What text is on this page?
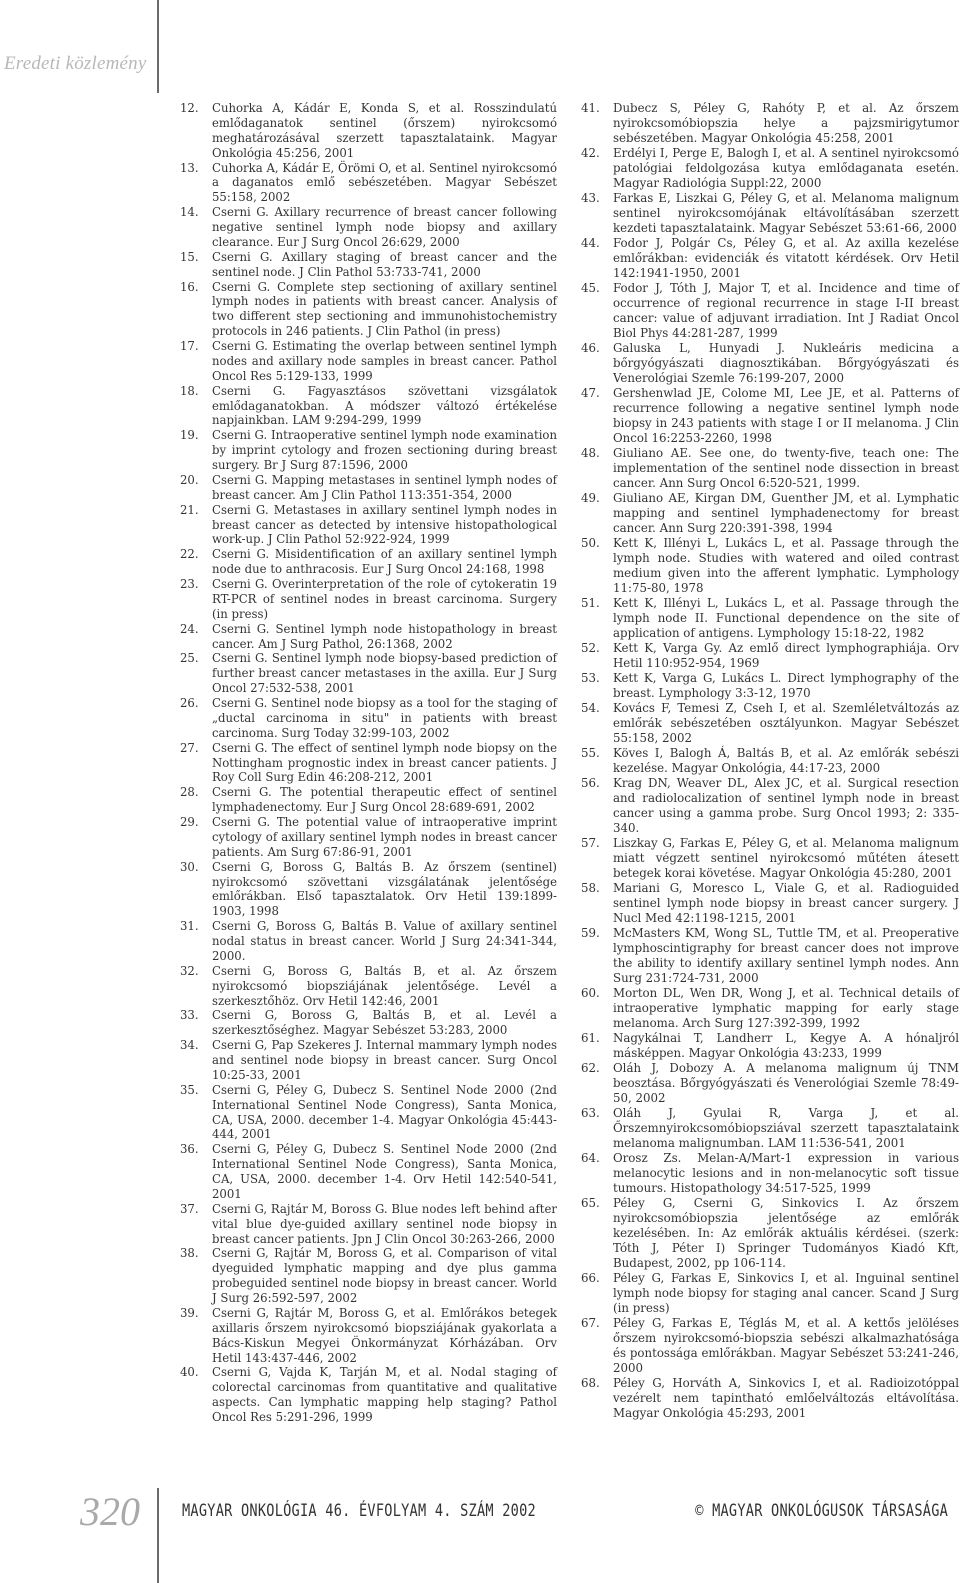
Eredeti közlemény
12.	Cuhorka A, Kádár E, Konda S, et al. Rosszindulatú emlődaganatok sentinel (őrszem) nyirokcsomó meghatározásával szerzett tapasztalataink. Magyar Onkológia 45:256, 2001
13.	Cuhorka A, Kádár E, Örömi O, et al. Sentinel nyirokcsomó a daganatos emlő sebészetében. Magyar Sebészet 55:158, 2002
14.	Cserni G. Axillary recurrence of breast cancer following negative sentinel lymph node biopsy and axillary clearance. Eur J Surg Oncol 26:629, 2000
15.	Cserni G. Axillary staging of breast cancer and the sentinel node. J Clin Pathol 53:733-741, 2000
16.	Cserni G. Complete step sectioning of axillary sentinel lymph nodes in patients with breast cancer. Analysis of two different step sectioning and immunohistochemistry protocols in 246 patients. J Clin Pathol (in press)
17.	Cserni G. Estimating the overlap between sentinel lymph nodes and axillary node samples in breast cancer. Pathol Oncol Res 5:129-133, 1999
18.	Cserni G. Fagyasztásos szövettani vizsgálatok emlődaganatokban. A módszer változó értékelése napjainkban. LAM 9:294-299, 1999
19.	Cserni G. Intraoperative sentinel lymph node examination by imprint cytology and frozen sectioning during breast surgery. Br J Surg 87:1596, 2000
20.	Cserni G. Mapping metastases in sentinel lymph nodes of breast cancer. Am J Clin Pathol 113:351-354, 2000
21.	Cserni G. Metastases in axillary sentinel lymph nodes in breast cancer as detected by intensive histopathological work-up. J Clin Pathol 52:922-924, 1999
22.	Cserni G. Misidentification of an axillary sentinel lymph node due to anthracosis. Eur J Surg Oncol 24:168, 1998
23.	Cserni G. Overinterpretation of the role of cytokeratin 19 RT-PCR of sentinel nodes in breast carcinoma. Surgery (in press)
24.	Cserni G. Sentinel lymph node histopathology in breast cancer. Am J Surg Pathol, 26:1368, 2002
25.	Cserni G. Sentinel lymph node biopsy-based prediction of further breast cancer metastases in the axilla. Eur J Surg Oncol 27:532-538, 2001
26.	Cserni G. Sentinel node biopsy as a tool for the staging of „ductal carcinoma in situ" in patients with breast carcinoma. Surg Today 32:99-103, 2002
27.	Cserni G. The effect of sentinel lymph node biopsy on the Nottingham prognostic index in breast cancer patients. J Roy Coll Surg Edin 46:208-212, 2001
28.	Cserni G. The potential therapeutic effect of sentinel lymphadenectomy. Eur J Surg Oncol 28:689-691, 2002
29.	Cserni G. The potential value of intraoperative imprint cytology of axillary sentinel lymph nodes in breast cancer patients. Am Surg 67:86-91, 2001
30.	Cserni G, Boross G, Baltás B. Az őrszem (sentinel) nyirokcsomó szövettani vizsgálatának jelentősége emlőrákban. Első tapasztalatok. Orv Hetil 139:1899-1903, 1998
31.	Cserni G, Boross G, Baltás B. Value of axillary sentinel nodal status in breast cancer. World J Surg 24:341-344, 2000.
32.	Cserni G, Boross G, Baltás B, et al. Az őrszem nyirokcsomó biopsziájának jelentősége. Levél a szerkesztőhöz. Orv Hetil 142:46, 2001
33.	Cserni G, Boross G, Baltás B, et al. Levél a szerkesztőséghez. Magyar Sebészet 53:283, 2000
34.	Cserni G, Pap Szekeres J. Internal mammary lymph nodes and sentinel node biopsy in breast cancer. Surg Oncol 10:25-33, 2001
35.	Cserni G, Péley G, Dubecz S. Sentinel Node 2000 (2nd International Sentinel Node Congress), Santa Monica, CA, USA, 2000. december 1-4. Magyar Onkológia 45:443-444, 2001
36.	Cserni G, Péley G, Dubecz S. Sentinel Node 2000 (2nd International Sentinel Node Congress), Santa Monica, CA, USA, 2000. december 1-4. Orv Hetil 142:540-541, 2001
37.	Cserni G, Rajtár M, Boross G. Blue nodes left behind after vital blue dye-guided axillary sentinel node biopsy in breast cancer patients. Jpn J Clin Oncol 30:263-266, 2000
38.	Cserni G, Rajtár M, Boross G, et al. Comparison of vital dyeguided lymphatic mapping and dye plus gamma probeguided sentinel node biopsy in breast cancer. World J Surg 26:592-597, 2002
39.	Cserni G, Rajtár M, Boross G, et al. Emlőrákos betegek axillaris őrszem nyirokcsomó biopsziájának gyakorlata a Bács-Kiskun Megyei Önkormányzat Kórházában. Orv Hetil 143:437-446, 2002
40.	Cserni G, Vajda K, Tarján M, et al. Nodal staging of colorectal carcinomas from quantitative and qualitative aspects. Can lymphatic mapping help staging? Pathol Oncol Res 5:291-296, 1999
41.	Dubecz S, Péley G, Rahóty P, et al. Az őrszem nyirokcsomóbiopszia helye a pajzsmirigytumor sebészetében. Magyar Onkológia 45:258, 2001
42.	Erdélyi I, Perge E, Balogh I, et al. A sentinel nyirokcsomó patológiai feldolgozása kutya emlődaganata esetén. Magyar Radiológia Suppl:22, 2000
43.	Farkas E, Liszkai G, Péley G, et al. Melanoma malignum sentinel nyirokcsomójának eltávolításában szerzett kezdeti tapasztalataink. Magyar Sebészet 53:61-66, 2000
44.	Fodor J, Polgár Cs, Péley G, et al. Az axilla kezelése emlőrákban: evidenciák és vitatott kérdések. Orv Hetil 142:1941-1950, 2001
45.	Fodor J, Tóth J, Major T, et al. Incidence and time of occurrence of regional recurrence in stage I-II breast cancer: value of adjuvant irradiation. Int J Radiat Oncol Biol Phys 44:281-287, 1999
46.	Galuska L, Hunyadi J. Nukleáris medicina a bőrgyógyászati diagnosztikában. Bőrgyógyászati és Venerológiai Szemle 76:199-207, 2000
47.	Gershenwlad JE, Colome MI, Lee JE, et al. Patterns of recurrence following a negative sentinel lymph node biopsy in 243 patients with stage I or II melanoma. J Clin Oncol 16:2253-2260, 1998
48.	Giuliano AE. See one, do twenty-five, teach one: The implementation of the sentinel node dissection in breast cancer. Ann Surg Oncol 6:520-521, 1999.
49.	Giuliano AE, Kirgan DM, Guenther JM, et al. Lymphatic mapping and sentinel lymphadenectomy for breast cancer. Ann Surg 220:391-398, 1994
50.	Kett K, Illényi L, Lukács L, et al. Passage through the lymph node. Studies with watered and oiled contrast medium given into the afferent lymphatic. Lymphology 11:75-80, 1978
51.	Kett K, Illényi L, Lukács L, et al. Passage through the lymph node II. Functional dependence on the site of application of antigens. Lymphology 15:18-22, 1982
52.	Kett K, Varga Gy. Az emlő direct lymphographiája. Orv Hetil 110:952-954, 1969
53.	Kett K, Varga G, Lukács L. Direct lymphography of the breast. Lymphology 3:3-12, 1970
54.	Kovács F, Temesi Z, Cseh I, et al. Szemléletváltozás az emlőrák sebészetében osztályunkon. Magyar Sebészet 55:158, 2002
55.	Köves I, Balogh Á, Baltás B, et al. Az emlőrák sebészi kezelése. Magyar Onkológia, 44:17-23, 2000
56.	Krag DN, Weaver DL, Alex JC, et al. Surgical resection and radiolocalization of sentinel lymph node in breast cancer using a gamma probe. Surg Oncol 1993; 2: 335-340.
57.	Liszkay G, Farkas E, Péley G, et al. Melanoma malignum miatt végzett sentinel nyirokcsomó műtéten átesett betegek korai követése. Magyar Onkológia 45:280, 2001
58.	Mariani G, Moresco L, Viale G, et al. Radioguided sentinel lymph node biopsy in breast cancer surgery. J Nucl Med 42:1198-1215, 2001
59.	McMasters KM, Wong SL, Tuttle TM, et al. Preoperative lymphoscintigraphy for breast cancer does not improve the ability to identify axillary sentinel lymph nodes. Ann Surg 231:724-731, 2000
60.	Morton DL, Wen DR, Wong J, et al. Technical details of intraoperative lymphatic mapping for early stage melanoma. Arch Surg 127:392-399, 1992
61.	Nagykálnai T, Landherr L, Kegye A. A hónaljról másképpen. Magyar Onkológia 43:233, 1999
62.	Oláh J, Dobozy A. A melanoma malignum új TNM beosztása. Bőrgyógyászati és Venerológiai Szemle 78:49-50, 2002
63.	Oláh J, Gyulai R, Varga J, et al. Őrszemnyirokcsomóbiopsziával szerzett tapasztalataink melanoma malignumban. LAM 11:536-541, 2001
64.	Orosz Zs. Melan-A/Mart-1 expression in various melanocytic lesions and in non-melanocytic soft tissue tumours. Histopathology 34:517-525, 1999
65.	Péley G, Cserni G, Sinkovics I. Az őrszem nyirokcsomóbiopszia jelentősége az emlőrák kezelésében. In: Az emlőrák aktuális kérdései. (szerk: Tóth J, Péter I) Springer Tudományos Kiadó Kft, Budapest, 2002, pp 106-114.
66.	Péley G, Farkas E, Sinkovics I, et al. Inguinal sentinel lymph node biopsy for staging anal cancer. Scand J Surg (in press)
67.	Péley G, Farkas E, Téglás M, et al. A kettős jelöléses őrszem nyirokcsomó-biopszia sebészi alkalmazhatósága és pontossága emlőrákban. Magyar Sebészet 53:241-246, 2000
68.	Péley G, Horváth A, Sinkovics I, et al. Radioizotóppal vezérelt nem tapintható emlőelváltozás eltávolítása. Magyar Onkológia 45:293, 2001
320 MAGYAR ONKOLÓGIA 46. ÉVFOLYAM 4. SZÁM 2002	© MAGYAR ONKOLÓGUSOK TÁRSASÁGA
